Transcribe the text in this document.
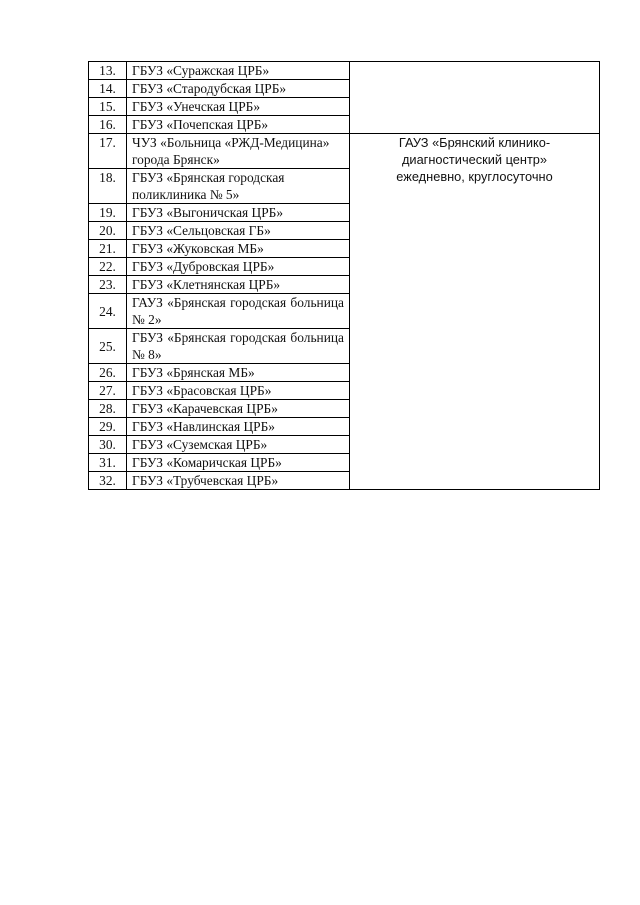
13.	ГБУЗ «Суражская ЦРБ»	
14.	ГБУЗ «Стародубская ЦРБ»	
15.	ГБУЗ «Унечская ЦРБ»	
16.	ГБУЗ «Почепская ЦРБ»	
17.	ЧУЗ «Больница «РЖД-Медицина» города Брянск»	ГАУЗ «Брянский клинико-
диагностический центр»
ежедневно, круглосуточно

18.	ГБУЗ «Брянская городская поликлиника № 5»	
19.	ГБУЗ «Выгоничская ЦРБ»	
20.	ГБУЗ «Сельцовская ГБ»	
21.	ГБУЗ «Жуковская МБ»	
22.	ГБУЗ «Дубровская ЦРБ»	
23.	ГБУЗ «Клетнянская ЦРБ»	
24.	ГАУЗ «Брянская городская больница № 2»	
25.	ГБУЗ «Брянская городская больница № 8»	
26.	ГБУЗ «Брянская МБ»	
27.	ГБУЗ «Брасовская ЦРБ»	
28.	ГБУЗ «Карачевская ЦРБ»	
29.	ГБУЗ «Навлинская ЦРБ»	
30.	ГБУЗ «Суземская ЦРБ»	
31.	ГБУЗ «Комаричская ЦРБ»	
32.	ГБУЗ «Трубчевская ЦРБ»	
